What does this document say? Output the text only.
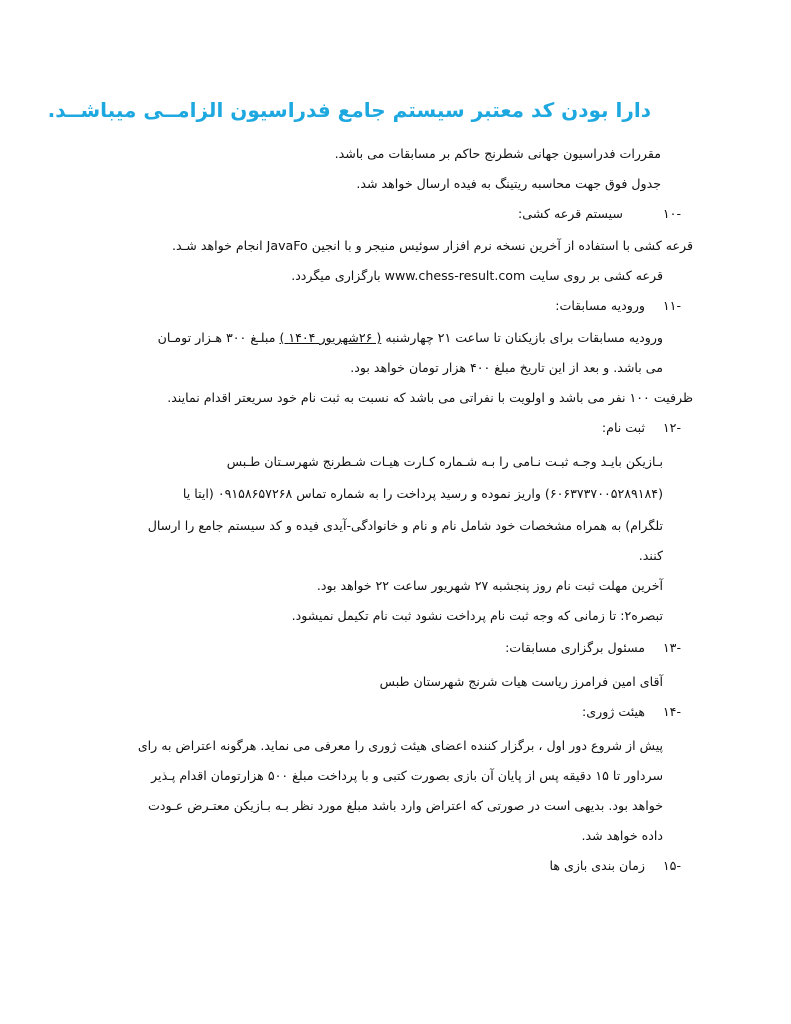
دارا بودن کد معتبر سیستم جامع فدراسیون الزامــی میباشــد.
مقررات فدراسیون جهانی شطرنج حاکم بر مسابقات می باشد.
جدول فوق جهت محاسبه ریتینگ به فیده ارسال خواهد شد.
-۱۰ سیستم قرعه کشی:
قرعه کشی با استفاده از آخرین نسخه نرم افزار سوئیس منیجر و با انجین JavaFo انجام خواهد شـد.
قرعه کشی بر روی سایت www.chess-result.com بارگزاری میگردد.
-۱۱ ورودیه مسابقات:
ورودیه مسابقات برای بازیکنان تا ساعت ۲۱ چهارشنبه ( ۲۶شهریور ۱۴۰۴ ) مبلـغ ۳۰۰ هـزار تومـان
می باشد. و بعد از این تاریخ مبلغ ۴۰۰ هزار تومان خواهد بود.
ظرفیت ۱۰۰ نفر می باشد و اولویت با نفراتی می باشد که نسبت به ثبت نام خود سریعتر اقدام نمایند.
-۱۲ ثبت نام:
بـازیکن بایـد وجـه ثبـت نـامی را بـه شـماره کـارت هیـات شـطرنج شهرسـتان طـبس
(۶۰۶۳۷۳۷۰۰۵۲۸۹۱۸۴) واریز نموده و رسید پرداخت را به شماره تماس ۰۹۱۵۸۶۵۷۲۶۸ (ایتا یا
تلگرام) به همراه مشخصات خود شامل نام و نام و خانوادگی-آیدی فیده و کد سیستم جامع را ارسال
کنند.
آخرین مهلت ثبت نام روز پنجشبه ۲۷ شهریور ساعت ۲۲ خواهد بود.
تبصره۲: تا زمانی که وجه ثبت نام پرداخت نشود ثبت نام تکیمل نمیشود.
-۱۳ مسئول برگزاری مسابقات:
آقای امین فرامرز ریاست هیات شرنج شهرستان طبس
-۱۴ هیئت ژوری:
پیش از شروع دور اول ، برگزار کننده اعضای هیئت ژوری را معرفی می نماید. هرگونه اعتراض به رای
سرداور تا ۱۵ دقیقه پس از پایان آن بازی بصورت کتبی و با پرداخت مبلغ ۵۰۰ هزارتومان اقدام پـذیر
خواهد بود. بدیهی است در صورتی که اعتراض وارد باشد مبلغ مورد نظر بـه بـازیکن معتـرض عـودت
داده خواهد شد.
-۱۵ زمان بندی بازی ها
